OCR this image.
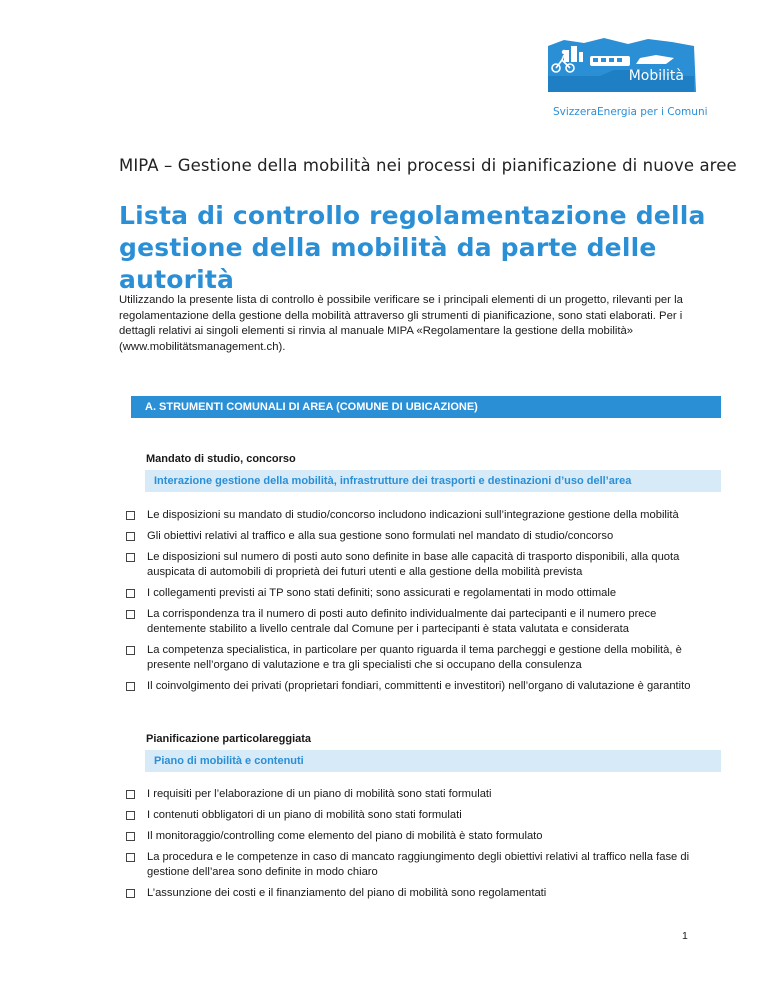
Mobilità
SvizzeraEnergia per i Comuni
MIPA – Gestione della mobilità nei processi di pianificazione di nuove aree
Lista di controllo regolamentazione della gestione della mobilità da parte delle autorità
Utilizzando la presente lista di controllo è possibile verificare se i principali elementi di un progetto, rilevanti per la regolamentazione della gestione della mobilità attraverso gli strumenti di pianificazione, sono stati elaborati. Per i dettagli relativi ai singoli elementi si rinvia al manuale MIPA «Regolamentare la gestione della mobilità» (www.mobilitätsmanagement.ch).
A. STRUMENTI COMUNALI DI AREA (COMUNE DI UBICAZIONE)
Mandato di studio, concorso
Interazione gestione della mobilità, infrastrutture dei trasporti e destinazioni d’uso dell’area
Le disposizioni su mandato di studio/concorso includono indicazioni sull’integrazione gestione della mobilità
Gli obiettivi relativi al traffico e alla sua gestione sono formulati nel mandato di studio/concorso
Le disposizioni sul numero di posti auto sono definite in base alle capacità di trasporto disponibili, alla quota auspicata di automobili di proprietà dei futuri utenti e alla gestione della mobilità prevista
I collegamenti previsti ai TP sono stati definiti; sono assicurati e regolamentati in modo ottimale
La corrispondenza tra il numero di posti auto definito individualmente dai partecipanti e il numero prece dentemente stabilito a livello centrale dal Comune per i partecipanti è stata valutata e considerata
La competenza specialistica, in particolare per quanto riguarda il tema parcheggi e gestione della mobilità, è presente nell’organo di valutazione e tra gli specialisti che si occupano della consulenza
Il coinvolgimento dei privati (proprietari fondiari, committenti e investitori) nell’organo di valutazione è garantito
Pianificazione particolareggiata
Piano di mobilità e contenuti
I requisiti per l’elaborazione di un piano di mobilità sono stati formulati
I contenuti obbligatori di un piano di mobilità sono stati formulati
Il monitoraggio/controlling come elemento del piano di mobilità è stato formulato
La procedura e le competenze in caso di mancato raggiungimento degli obiettivi relativi al traffico nella fase di gestione dell’area sono definite in modo chiaro
L’assunzione dei costi e il finanziamento del piano di mobilità sono regolamentati
1
